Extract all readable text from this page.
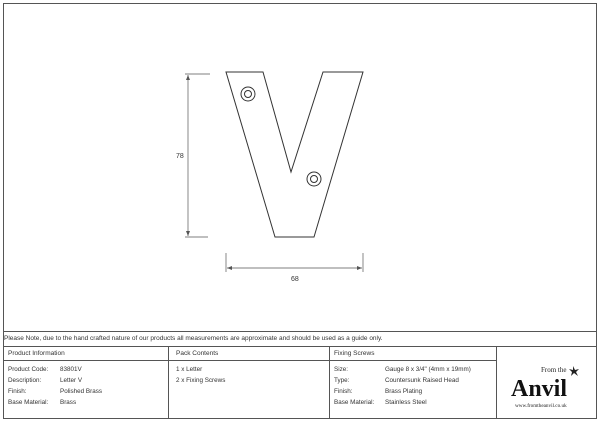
78
68
Please Note, due to the hand crafted nature of our products all measurements are approximate and should be used as a guide only.
Product Information
Product Code: 83801V
Description:	Letter V
Finish:	Polished Brass
Base Material: Brass
Pack Contents
1 x Letter
2 x Fixing Screws
Fixing Screws
Size:	Gauge 8 x 3/4" (4mm x 19mm)
Type:	Countersunk Raised Head
Finish:	Brass Plating
Base Material: Stainless Steel
From the
Anvil
www.fromtheanvil.co.uk
